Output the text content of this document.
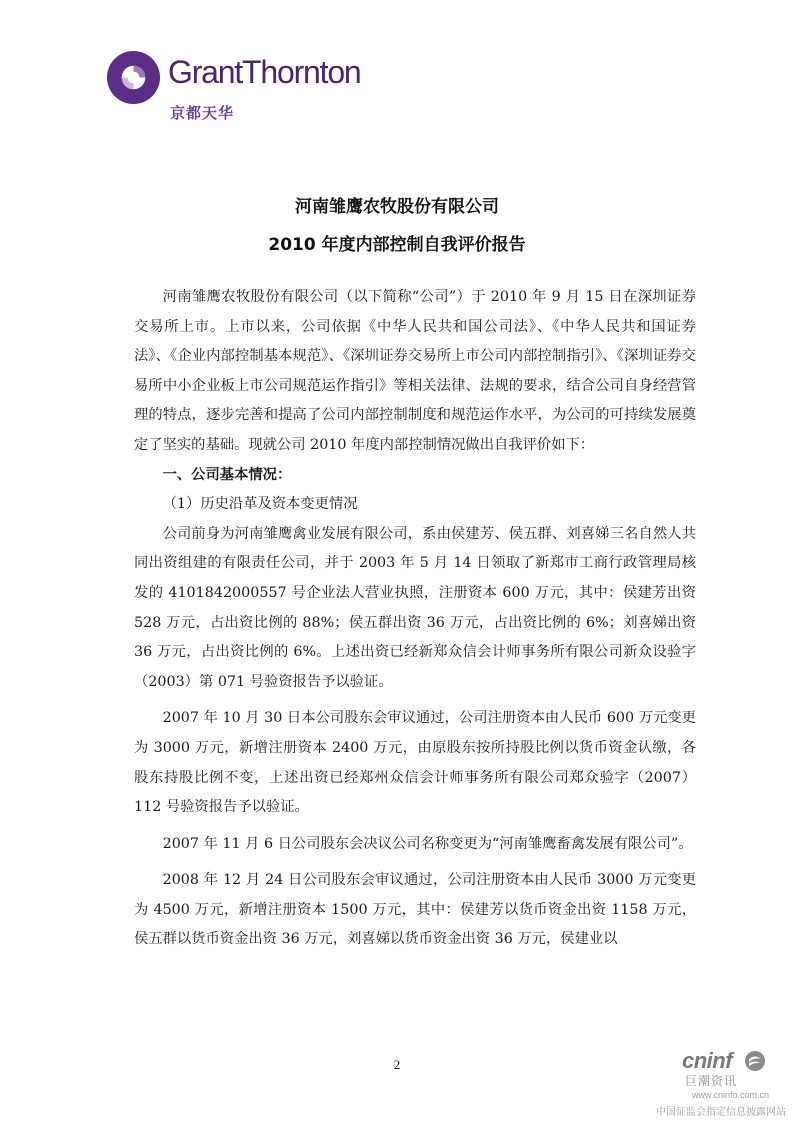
GrantThornton
京都天华
河南雏鹰农牧股份有限公司
2010 年度内部控制自我评价报告

河南雏鹰农牧股份有限公司（以下简称“公司”）于 2010 年 9 月 15 日在深圳证券交易所上市。上市以来，公司依据《中华人民共和国公司法》、《中华人民共和国证券法》、《企业内部控制基本规范》、《深圳证券交易所上市公司内部控制指引》、《深圳证券交易所中小企业板上市公司规范运作指引》等相关法律、法规的要求，结合公司自身经营管理的特点，逐步完善和提高了公司内部控制制度和规范运作水平，为公司的可持续发展奠定了坚实的基础。现就公司 2010 年度内部控制情况做出自我评价如下：

一、公司基本情况：

（1）历史沿革及资本变更情况

公司前身为河南雏鹰禽业发展有限公司，系由侯建芳、侯五群、刘喜娣三名自然人共同出资组建的有限责任公司，并于 2003 年 5 月 14 日领取了新郑市工商行政管理局核发的 4101842000557 号企业法人营业执照，注册资本 600 万元，其中：侯建芳出资 528 万元，占出资比例的 88%；侯五群出资 36 万元，占出资比例的 6%；刘喜娣出资 36 万元，占出资比例的 6%。上述出资已经新郑众信会计师事务所有限公司新众设验字（2003）第 071 号验资报告予以验证。

2007 年 10 月 30 日本公司股东会审议通过，公司注册资本由人民币 600 万元变更为 3000 万元，新增注册资本 2400 万元，由原股东按所持股比例以货币资金认缴，各股东持股比例不变，上述出资已经郑州众信会计师事务所有限公司郑众验字（2007）112 号验资报告予以验证。

2007 年 11 月 6 日公司股东会决议公司名称变更为“河南雏鹰畜禽发展有限公司”。

2008 年 12 月 24 日公司股东会审议通过，公司注册资本由人民币 3000 万元变更为 4500 万元，新增注册资本 1500 万元，其中：侯建芳以货币资金出资 1158 万元，侯五群以货币资金出资 36 万元，刘喜娣以货币资金出资 36 万元，侯建业以

2	cninf
巨潮资讯
www.cninfo.com.cn
中国证监会指定信息披露网站
